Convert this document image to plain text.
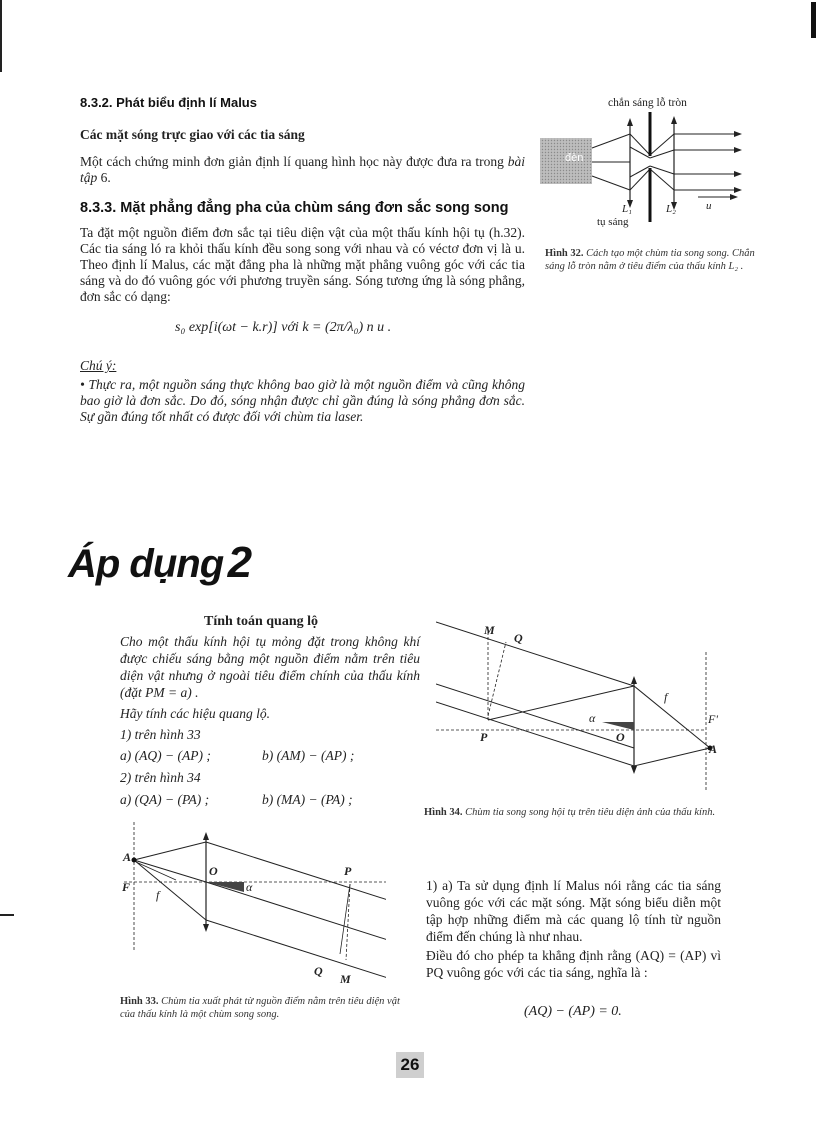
8.3.2. Phát biểu định lí Malus
Các mặt sóng trực giao với các tia sáng

Một cách chứng minh đơn giản định lí quang hình học này được đưa ra trong bài tập 6.

8.3.3. Mặt phẳng đẳng pha của chùm sáng đơn sắc song song

Ta đặt một nguồn điểm đơn sắc tại tiêu diện vật của một thấu kính hội tụ (h.32). Các tia sáng ló ra khỏi thấu kính đều song song với nhau và có véctơ đơn vị là u. Theo định lí Malus, các mặt đẳng pha là những mặt phẳng vuông góc với các tia sáng và do đó vuông góc với phương truyền sáng. Sóng tương ứng là sóng phẳng, đơn sắc có dạng:

s₀ exp[i(ωt − k.r)] với k = (2π/λ₀) n u .
Chú ý:

• Thực ra, một nguồn sáng thực không bao giờ là một nguồn điểm và cũng không bao giờ là đơn sắc. Do đó, sóng nhận được chỉ gần đúng là sóng phẳng đơn sắc. Sự gần đúng tốt nhất có được đối với chùm tia laser.

chắn sáng lỗ tròn
đèn
L₁	L₂	u
tụ sáng

Hình 32. Cách tạo một chùm tia song song. Chắn sáng lỗ tròn nằm ở tiêu điểm của thấu kính L₂ .

Áp dụng 2
Tính toán quang lộ

Cho một thấu kính hội tụ mỏng đặt trong không khí được chiếu sáng bằng một nguồn điểm nằm trên tiêu diện vật nhưng ở ngoài tiêu điểm chính của thấu kính (đặt PM = a) .

Hãy tính các hiệu quang lộ.
1) trên hình 33
a) (AQ) − (AP) ;	b) (AM) − (AP) ;
2) trên hình 34
a) (QA) − (PA) ;	b) (MA) − (PA) ;
M
Q
f
F'
α
P	O
A

Hình 34. Chùm tia song song hội tụ trên tiêu diện ảnh của thấu kính.

A
F
f
O
α
P
Q
M

Hình 33. Chùm tia xuất phát từ nguồn điểm nằm trên tiêu diện vật của thấu kính là một chùm song song.

1) a) Ta sử dụng định lí Malus nói rằng các tia sáng vuông góc với các mặt sóng. Mặt sóng biểu diễn một tập hợp những điểm mà các quang lộ tính từ nguồn điểm đến chúng là như nhau.

Điều đó cho phép ta khẳng định rằng (AQ) = (AP) vì PQ vuông góc với các tia sáng, nghĩa là :

(AQ) − (AP) = 0.
26
